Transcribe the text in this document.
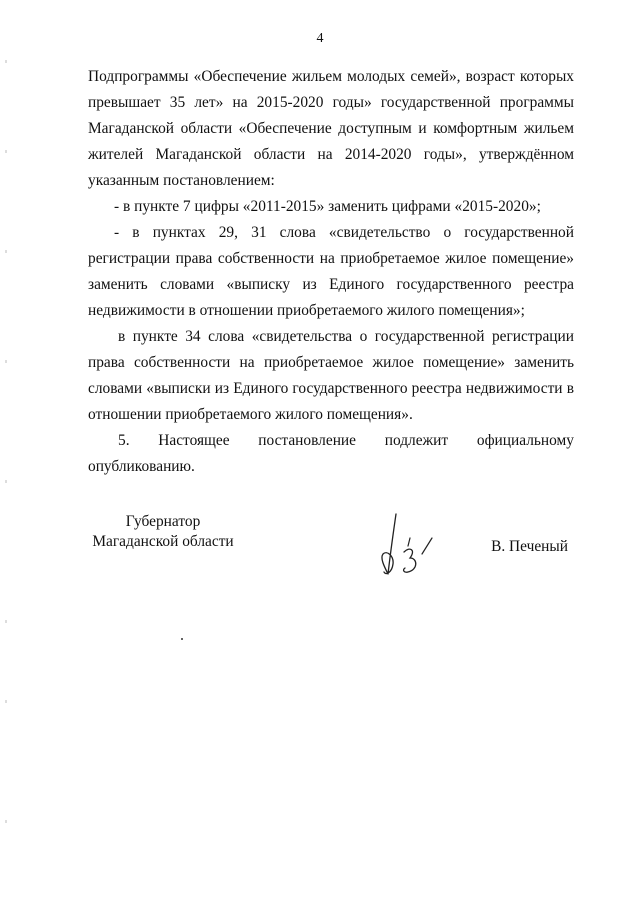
4

Подпрограммы «Обеспечение жильем молодых семей», возраст которых превышает 35 лет» на 2015-2020 годы» государственной программы Магаданской области «Обеспечение доступным и комфортным жильем жителей Магаданской области на 2014-2020 годы», утверждённом указанным постановлением:

- в пункте 7 цифры «2011-2015» заменить цифрами «2015-2020»;

- в пунктах 29, 31 слова «свидетельство о государственной регистрации права собственности на приобретаемое жилое помещение» заменить словами «выписку из Единого государственного реестра недвижимости в отношении приобретаемого жилого помещения»;

в пункте 34 слова «свидетельства о государственной регистрации права собственности на приобретаемое жилое помещение» заменить словами «выписки из Единого государственного реестра недвижимости в отношении приобретаемого жилого помещения».

5. Настоящее постановление подлежит официальному опубликованию.

Губернатор
Магаданской области	В. Печеный
